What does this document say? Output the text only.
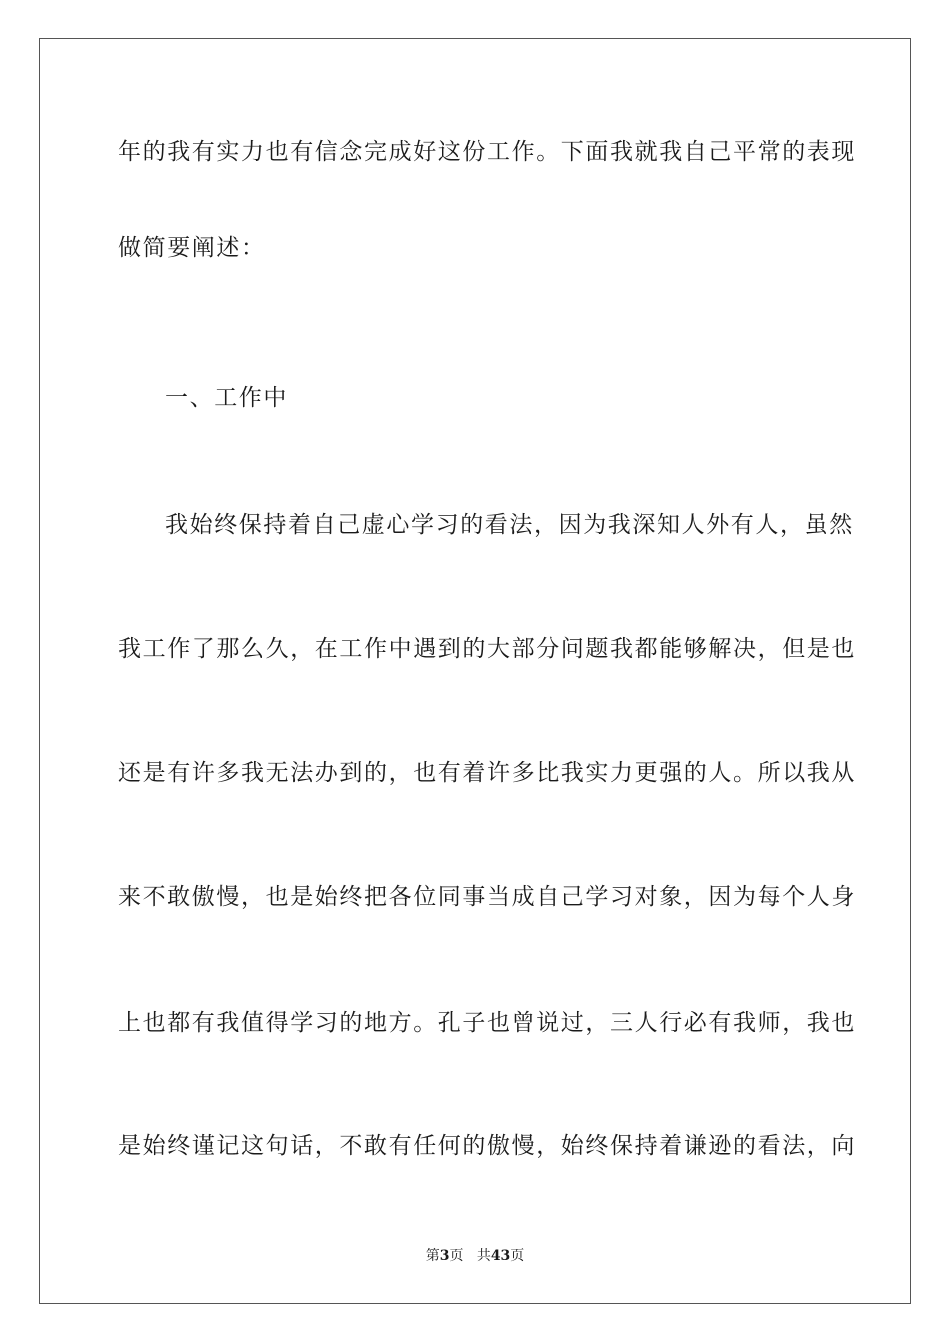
年的我有实力也有信念完成好这份工作。下面我就我自己平常的表现
做简要阐述：
一、工作中
我始终保持着自己虚心学习的看法，因为我深知人外有人，虽然
我工作了那么久，在工作中遇到的大部分问题我都能够解决，但是也
还是有许多我无法办到的，也有着许多比我实力更强的人。所以我从
来不敢傲慢，也是始终把各位同事当成自己学习对象，因为每个人身
上也都有我值得学习的地方。孔子也曾说过，三人行必有我师，我也
是始终谨记这句话，不敢有任何的傲慢，始终保持着谦逊的看法，向
第3页 共43页
